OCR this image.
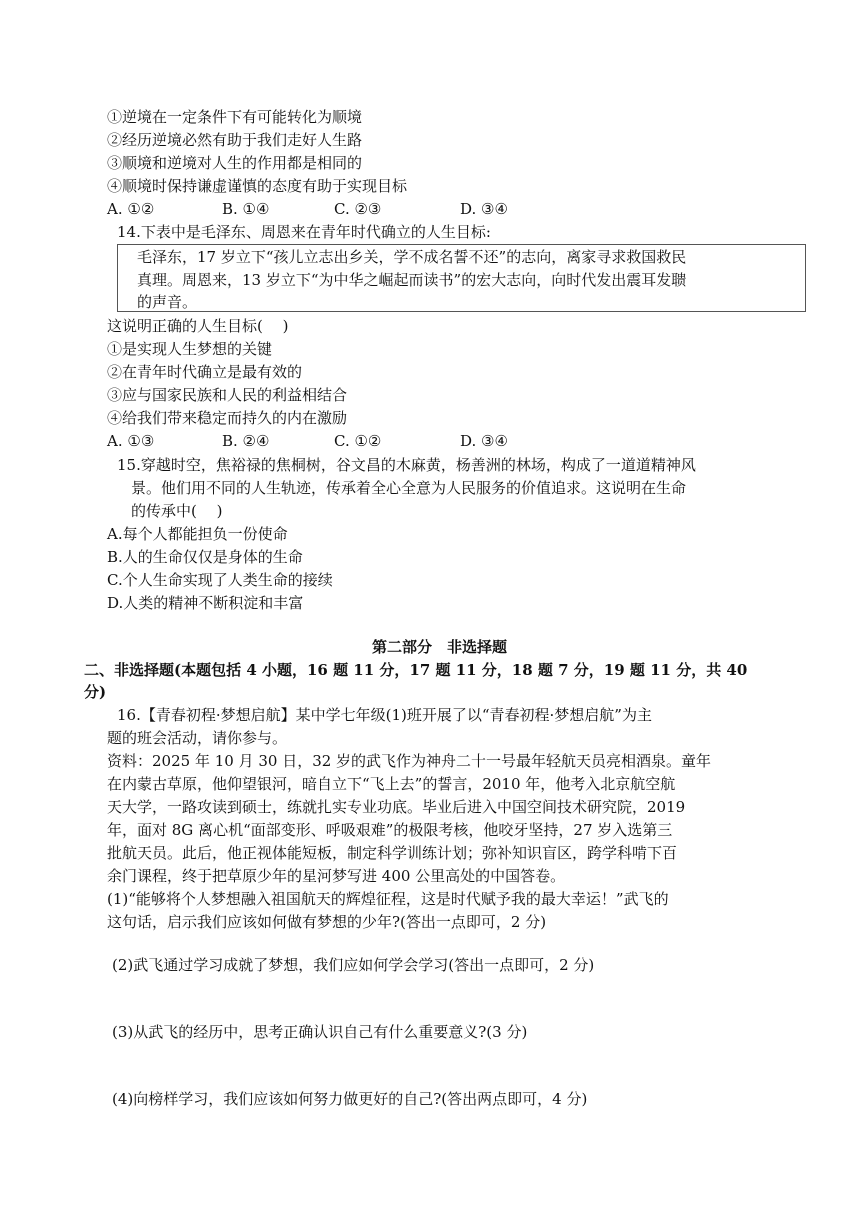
①逆境在一定条件下有可能转化为顺境
②经历逆境必然有助于我们走好人生路
③顺境和逆境对人生的作用都是相同的
④顺境时保持谦虚谨慎的态度有助于实现目标
A. ①②	B. ①④	C. ②③	D. ③④
14.下表中是毛泽东、周恩来在青年时代确立的人生目标:
毛泽东，17 岁立下“孩儿立志出乡关，学不成名誓不还”的志向，离家寻求救国救民
真理。周恩来，13 岁立下“为中华之崛起而读书”的宏大志向，向时代发出震耳发聩
的声音。
这说明正确的人生目标(　 )
①是实现人生梦想的关键
②在青年时代确立是最有效的
③应与国家民族和人民的利益相结合
④给我们带来稳定而持久的内在激励
A. ①③	B. ②④	C. ①②	D. ③④
15.穿越时空，焦裕禄的焦桐树，谷文昌的木麻黄，杨善洲的林场，构成了一道道精神风
景。他们用不同的人生轨迹，传承着全心全意为人民服务的价值追求。这说明在生命
的传承中(　 )
A.每个人都能担负一份使命
B.人的生命仅仅是身体的生命
C.个人生命实现了人类生命的接续
D.人类的精神不断积淀和丰富
第二部分　非选择题
二、非选择题(本题包括 4 小题，16 题 11 分，17 题 11 分，18 题 7 分，19 题 11 分，共 40
分)
16.【青春初程·梦想启航】某中学七年级(1)班开展了以“青春初程·梦想启航”为主
题的班会活动，请你参与。
资料：2025 年 10 月 30 日，32 岁的武飞作为神舟二十一号最年轻航天员亮相酒泉。童年
在内蒙古草原，他仰望银河，暗自立下“飞上去”的誓言，2010 年，他考入北京航空航
天大学，一路攻读到硕士，练就扎实专业功底。毕业后进入中国空间技术研究院，2019
年，面对 8G 离心机“面部变形、呼吸艰难”的极限考核，他咬牙坚持，27 岁入选第三
批航天员。此后，他正视体能短板，制定科学训练计划；弥补知识盲区，跨学科啃下百
余门课程，终于把草原少年的星河梦写进 400 公里高处的中国答卷。
(1)“能够将个人梦想融入祖国航天的辉煌征程，这是时代赋予我的最大幸运！”武飞的
这句话，启示我们应该如何做有梦想的少年?(答出一点即可，2 分)
(2)武飞通过学习成就了梦想，我们应如何学会学习(答出一点即可，2 分)
(3)从武飞的经历中，思考正确认识自己有什么重要意义?(3 分)
(4)向榜样学习，我们应该如何努力做更好的自己?(答出两点即可，4 分)
